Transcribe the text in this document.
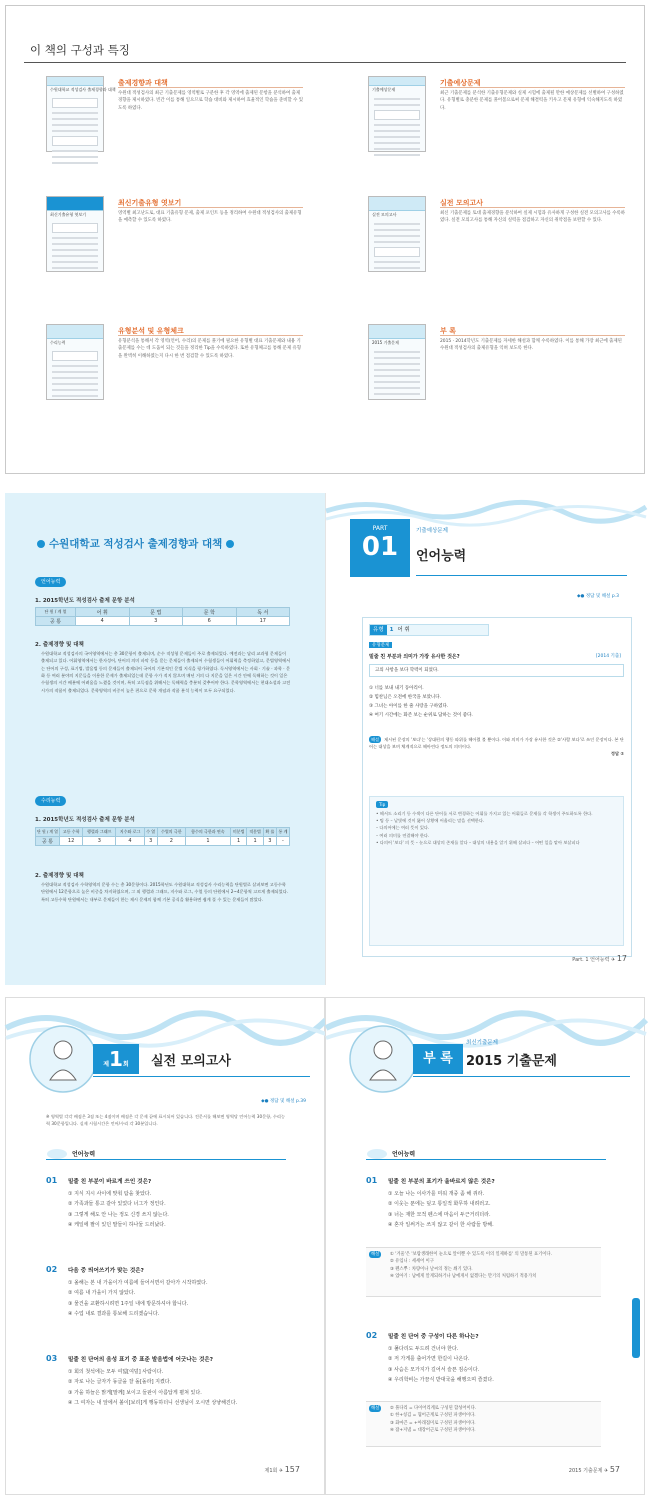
이 책의 구성과 특징
수원대학교 적성검사 출제경향과 대책
출제경향과 대책
수원대 적성검사의 최근 기출문제를 영역별로 구분한 후 각 영역에 출제된 문항을 분석하여 출제경향을 제시하였다. 빈간 이를 통해 일으므로 학습 대비와 제시하여 효율적인 학습을 준비할 수 있도록 하였다.
기출예상문제
기출예상문제
최근 기출문제를 분석한 기출유형문제와 실제 시험에 출제될 만한 예상문제를 선별하여 구성하였다. 유형별로 충분한 문제를 풀어봄으로써 문제 해결력을 키우고 문제 유형에 익숙해지도록 하였다.
최신기출유형 엿보기
최신기출유형 엿보기
영역별 최고난도로, 대표 기출유형 문제, 출제 포인트 등을 정리하여 수원대 적성검사의 출제유형을 예측할 수 있도록 하였다.
실전 모의고사
실전 모의고사
최신 기출문제를 토대 출제경향을 분석하여 실제 시험과 유사하게 구성한 실전 모의고사를 수록하였다. 실전 모의고사를 통해 자신의 실력을 점검하고 자신의 취약점을 보완할 수 있다.
수리능력
유형분석 및 유형체크
유형분석을 통해서 각 영역(언어, 수리)의 문제를 풀기에 필요한 유형별 대표 기출문제와 내용 기출문제를 수는 데 도움이 되는 것들을 정리한 Tip을 수록하였다. 또한 유형체크를 통해 문제 유형을 완벽히 이해하였는지 다시 한 번 점검할 수 있도록 하였다.
2015 기출문제
부 록
2015 · 2014학년도 기출문제를 자세한 해설과 함께 수록하였다. 이를 통해 가장 최근에 출제된 수원대 적성검사의 출제유형을 익혀 보도록 한다.
수원대학교 적성검사 출제경향과 대책
언어능력
1. 2015학년도 적성검사 출제 문항 분석
단 원 / 계 열	어 휘	문 법	문 학	독 서
공 통	4	3	6	17
2. 출제경향 및 대책
수원대학교 적성검사의 국어영역에서는 총 30문항이 출제되며, 순수 적성형 문제들이 주로 출제되었다. 예전과는 달리 교과형 문제들이 출제되고 있다. 어휘영역에서는 한자성어, 단어의 의미 파악 등을 묻는 문제들이 출제되어 수험생들이 어휘력을 측정하였고, 문법영역에서는 단어의 구성, 표기법, 발음법 등의 문제들이 출제되어 국어의 기본적인 문법 지식을 평가하였다. 독서영역에서는 사회 · 기술 · 과학 · 문화 등 여러 분야의 지문들을 이용한 문제가 출제되었는데 문항 수가 적지 않으며 매년 거의 다 지문을 일은 시간 안에 독해하는 것이 일은 수험생의 시간 배분에 어려움을 느꼈을 것이며, 특히 고득점을 위해서는 독해력을 충분히 갖추어야 한다. 문학영역에서는 현대소설과 고전시가의 작품이 출제되었다. 문학영역의 비중이 높은 편으로 문학 개념과 작품 분석 능력이 모두 요구되었다.
수리능력
1. 2015학년도 적성검사 출제 문항 분석
단 원 / 계 열	고등 수학	행렬과 그래프	지수와 로그	수 열	수열의 극한	함수의 극한과 연속	미분법	적분법	확 률	통 계
공 통	12	3	4	3	2	1	1	1	3	-
2. 출제경향 및 대책
수원대학교 적성검사 수학영역의 문항 수는 총 30문항이다. 2015학년도 수원대학교 적성검사 수리능력을 단원별로 살펴보면 고등수학 단원에서 12문항으로 높은 비중을 차지하였으며, 그 외 행렬과 그래프, 지수와 로그, 수열 등의 단원에서 2~4문항씩 고르게 출제되었다. 특히 고등수학 단원에서는 내부로 문제들이 한는 제시 문제의 함께 기본 공식을 활용하면 쉽게 풀 수 있는 문제들이 많았다.
PART
01
기출예상문제
언어능력
◆● 정답 및 해설 p.3
유형 1 어 휘
유형문제
밑줄 친 부분과 의미가 가장 유사한 것은?	[2014 기출]
고의 사항을 보다 학력이 되었다.
① 너를 보내 내기 동아리이.
② 힘찬님은 오전에 한국을 보았니다.
③ 그녀는 아이를 한 줄 사랑을 구하였다.
④ 여기 시간에는 화존 보는 순위로 답하는 것이 좋다.
해설 제시된 문장의 '보다'는 '상대편의 행동 따위를 헤아렸 볼 뿐이다. 이와 의미가 가장 유사한 것은 ②'사람 보다'로 쓰인 문장이다. 본 단어는 대상을 보며 체계적으로 헤아린다 정도의 의미이다.
정답 ②
Tip
• 헤서드 소리기 등 수색이 다른 단어를 서로 변경하는 어휘를 가지고 있는 어휘들로 문제를 각 학생이 주도하도록 한다.
• 팀 등 – 날빛에 것이 뚫어 상황에 어울리는 말을 선택한다.
– 다의어에는 여러 뜻이 있다.
– 여러 의미를 연결해야 한다.
• 다의어 '보다' 의 뜻 – 눈으로 대상의 존재를 알다 – 대상의 내용을 알기 위해 살피다 – 어떤 일을 맡아 보살피다
Part. 1 언어능력 ✈ 17
제1회	실전 모의고사
◆● 정답 및 해설 p.39
※ 영역별 각각 배점은 3점 또는 4점이며 배점은 각 문제 끝에 표시되어 있습니다. 전문서를 해보면 영역당 언어능력 30문항, 수리능력 30문항입니다. 실제 시험시간은 언어/수리 각 30분입니다.
언어능력
01 밑줄 친 부분이 바르게 쓰인 것은?
① 지식 지시 사이에 맞춰 탐을 찾았다.
② 가족과들 통고 같아 있었다 너그가 정인다.
③ 그렇게 해도 안 나는 정도 신경 쓰지 않는다.
④ 케일에 팔이 있던 말들이 하나둘 드러났다.
02 다음 중 띄어쓰기가 맞는 것은?
① 올해는 본 내 가을이가 여름에 들어서면서 갈아가 시작하였다.
② 여름 내 가을이 가지 않았다.
③ 물건을 교환하시려면 1주일 내에 방문하셔야 합니다.
④ 수업 내로 결과를 통보해 드리겠습니다.
03 밑줄 친 단어의 음성 표기 중 표준 발음법에 어긋나는 것은?
① 회의 첫석에는 모두 여덟[여덜] 사람이다.
② 자로 나는 글자가 동글을 잘 돌[돌라] 지켰다.
③ 가을 하늘은 맑게[말께] 보이고 들판이 아름답게 펼쳐 있다.
④ 그 여자는 내 앞에서 볼이[보리]게 행동하더니 선생님이 오시면 상냥해진다.
제1회 ✈ 157
부 록
최신기출문제
2015 기출문제
언어능력
01 밑줄 친 부분의 표기가 올바르지 않은 것은?
① 오늘 나는 이사가를 미워 개중 좀 해 쥐라.
② 이웃는 푼에는 덮고 통일적 화무하 내려러고.
③ 너는 재한 모적 펜스에 마음이 두근거리더라.
④ 혼자 일써거는 쓰지 않고 같이 한 사람들 방해.
해설	① '겨울'은 '보랍생래한이 눈으로 앞이뿐 수 있도록 이의 일제하를' 의 말통된 표기이다.
② 유입니 : 세세어 이구
③ 펜스뿌 : 차량이나 날씨의 정는 쇄기 있다.
④ 었아기 : 남에게 알게되하거나 남에게서 없겠다는 만기의 처럼하기 적용가치
02 밑줄 친 단어 중 구성이 다른 하나는?
① 풀다리도 두드려 건너야 한다.
② 저 가게를 출어가면 한길이 나온다.
③ 사슴은 모가지가 길어서 슬픈 짐승이다.
④ 우리학비는 가끔식 받대국을 해행으며 즐겼다.
해설	② 풀다리 = 다이어리계로 구성된 합성어이다.
① 한+칭김 = 협어근계로 구성된 파생어이다.
③ 화마끈 = +아래접미로 구성된 파생어이다.
④ 잡+지냄 = 대장어근로 구성된 파생어이다.
2015 기출문제 ✈ 57
